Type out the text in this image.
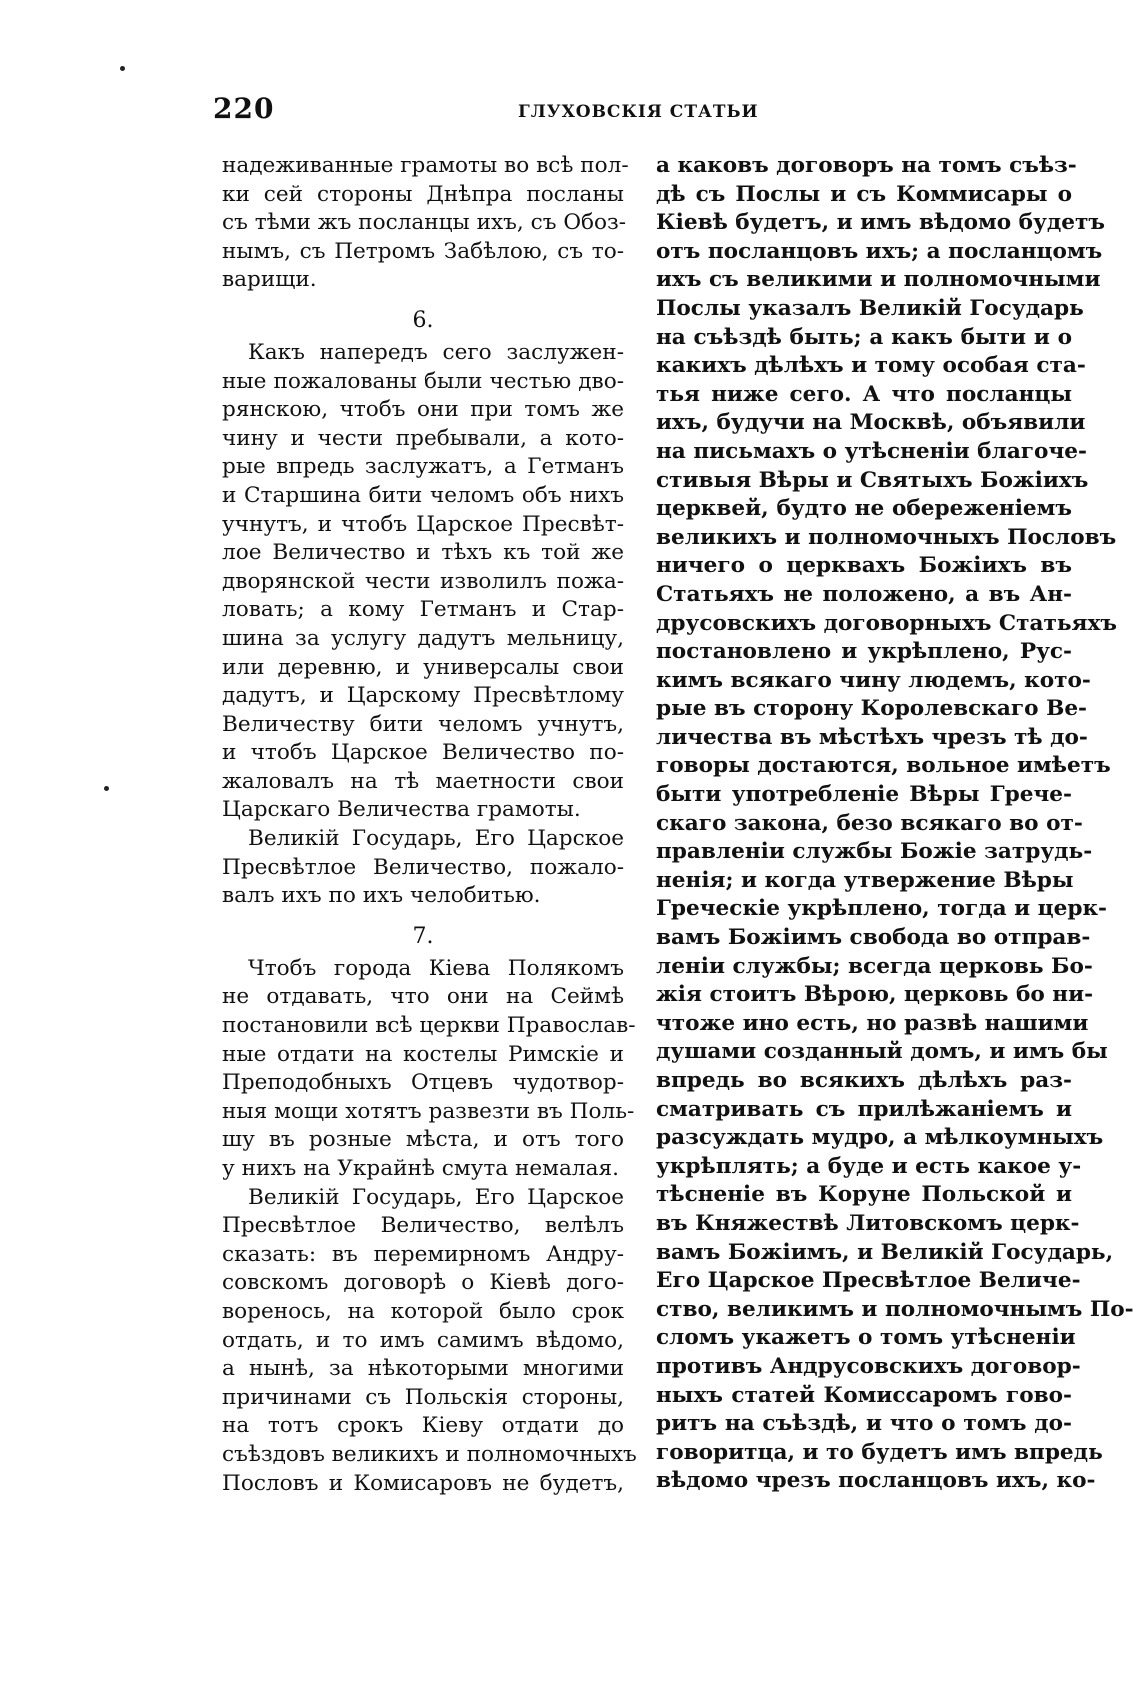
220	ГЛУХОВСКІЯ СТАТЬИ
надеживанные грамоты во всѣ пол-
ки сей стороны Днѣпра посланы
съ тѣми жъ посланцы ихъ, съ Обоз-
нымъ, съ Петромъ Забѣлою, съ то-
варищи.
6.
Какъ напередъ сего заслужен-
ные пожалованы были честью дво-
рянскою, чтобъ они при томъ же
чину и чести пребывали, а кото-
рые впредь заслужатъ, а Гетманъ
и Старшина бити челомъ объ нихъ
учнутъ, и чтобъ Царское Пресвѣт-
лое Величество и тѣхъ къ той же
дворянской чести изволилъ пожа-
ловать; а кому Гетманъ и Стар-
шина за услугу дадутъ мельницу,
или деревню, и универсалы свои
дадутъ, и Царскому Пресвѣтлому
Величеству бити челомъ учнутъ,
и чтобъ Царское Величество по-
жаловалъ на тѣ маетности свои
Царскаго Величества грамоты.
Великій Государь, Его Царское
Пресвѣтлое Величество, пожало-
валъ ихъ по ихъ челобитью.
7.
Чтобъ города Кіева Полякомъ
не отдавать, что они на Сеймѣ
постановили всѣ церкви Православ-
ные отдати на костелы Римскіе и
Преподобныхъ Отцевъ чудотвор-
ныя мощи хотятъ развезти въ Поль-
шу въ розные мѣста, и отъ того
у нихъ на Украйнѣ смута немалая.
Великій Государь, Его Царское
Пресвѣтлое Величество, велѣлъ
сказать: въ перемирномъ Андру-
совскомъ договорѣ о Кіевѣ дого-
вореноcь, на которой было срок
отдать, и то имъ самимъ вѣдомо,
а нынѣ, за нѣкоторыми многими
причинами съ Польскія стороны,
на тотъ срокъ Кіеву отдати до
съѣздовъ великихъ и полномочныхъ
Пословъ и Комисаровъ не будетъ,
а каковъ договоръ на томъ съѣз-
дѣ съ Послы и съ Коммисары о
Кіевѣ будетъ, и имъ вѣдомо будетъ
отъ посланцовъ ихъ; а посланцомъ
ихъ съ великими и полномочными
Послы указалъ Великій Государь
на съѣздѣ быть; а какъ быти и о
какихъ дѣлѣхъ и тому особая ста-
тья ниже сего. А что посланцы
ихъ, будучи на Москвѣ, объявили
на письмахъ о утѣсненіи благоче-
стивыя Вѣры и Святыхъ Божіихъ
церквей, будто не обереженіемъ
великихъ и полномочныхъ Пословъ
ничего о церквахъ Божіихъ въ
Статьяхъ не положено, а въ Ан-
друсовскихъ договорныхъ Статьяхъ
постановлено и укрѣплено, Рус-
кимъ всякаго чину людемъ, кото-
рые въ сторону Королевскаго Ве-
личества въ мѣстѣхъ чрезъ тѣ до-
говоры достаются, вольное имѣетъ
быти употребленіе Вѣры Грече-
скаго закона, безо всякаго во от-
правленіи службы Божіе затрудь-
ненія; и когда утвержение Вѣры
Греческіе укрѣплено, тогда и церк-
вамъ Божіимъ свобода во отправ-
леніи службы; всегда церковь Бо-
жія стоитъ Вѣрою, церковь бо ни-
чтоже ино есть, но развѣ нашими
душами созданный домъ, и имъ бы
впредь во всякихъ дѣлѣхъ раз-
сматривать съ прилѣжаніемъ и
разсуждать мудро, а мѣлкоумныхъ
укрѣплять; а буде и есть какое у-
тѣсненіе въ Коруне Польской и
въ Княжествѣ Литовскомъ церк-
вамъ Божіимъ, и Великій Государь,
Его Царское Пресвѣтлое Величе-
ство, великимъ и полномочнымъ По-
сломъ укажетъ о томъ утѣсненіи
противъ Андрусовскихъ договор-
ныхъ статей Комиссаромъ гово-
ритъ на съѣздѣ, и что о томъ до-
говоритца, и то будетъ имъ впредь
вѣдомо чрезъ посланцовъ ихъ, ко-
